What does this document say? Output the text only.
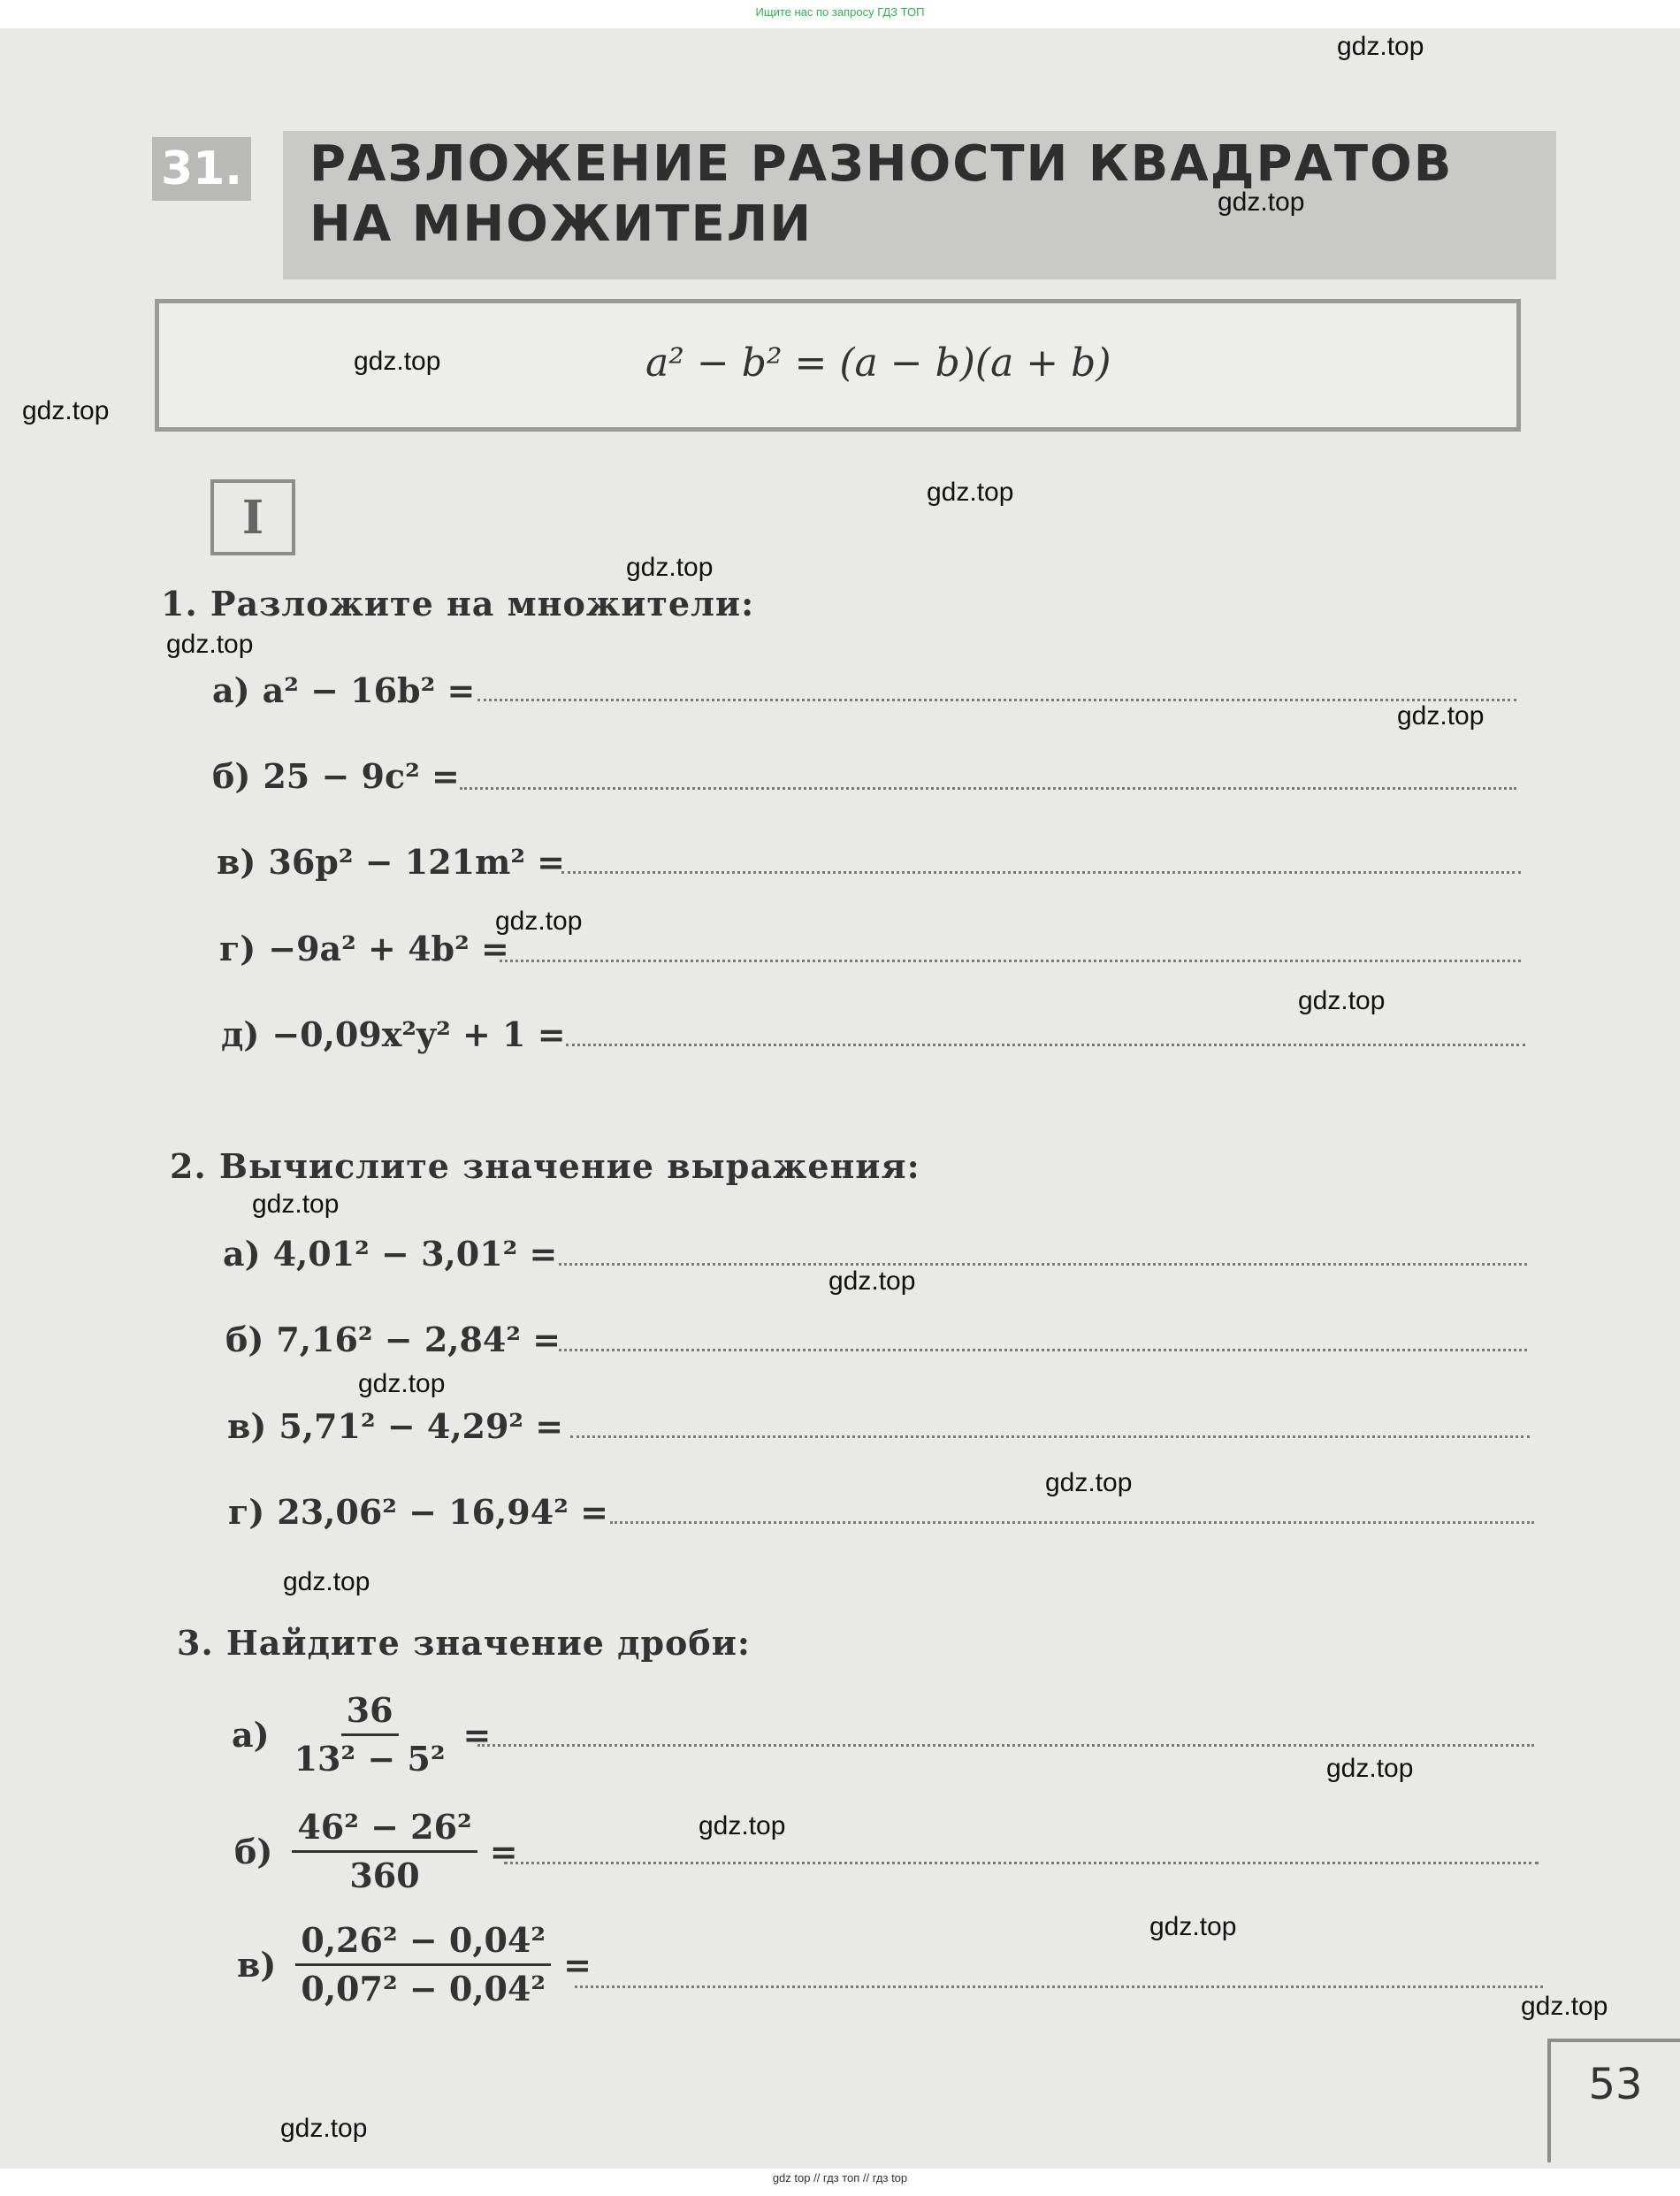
Ищите нас по запросу ГДЗ ТОП
31. РАЗЛОЖЕНИЕ РАЗНОСТИ КВАДРАТОВ
НА МНОЖИТЕЛИ
a² − b² = (a − b)(a + b)
I
1. Разложите на множители:
а) a² − 16b² =
б) 25 − 9c² =
в) 36p² − 121m² =
г) −9a² + 4b² =
д) −0,09x²y² + 1 =
2. Вычислите значение выражения:
а) 4,01² − 3,01² =
б) 7,16² − 2,84² =
в) 5,71² − 4,29² =
г) 23,06² − 16,94² =
3. Найдите значение дроби:
$а) \frac{36}{\text{13² − 5²}}$ =
$б) \frac{\text{46² − 26²}}{360}$ =
$в) \frac{\text{0,26² − 0,04²}}{\text{0,07² − 0,04²}}$ =
53
gdz.top
gdz.top
gdz.top
gdz.top
gdz.top
gdz.top
gdz.top
gdz.top
gdz.top
gdz.top
gdz.top
gdz.top
gdz.top
gdz.top
gdz.top
gdz.top
gdz.top
gdz.top
gdz.top
gdz.top
gdz top // гдз топ // гдз top
